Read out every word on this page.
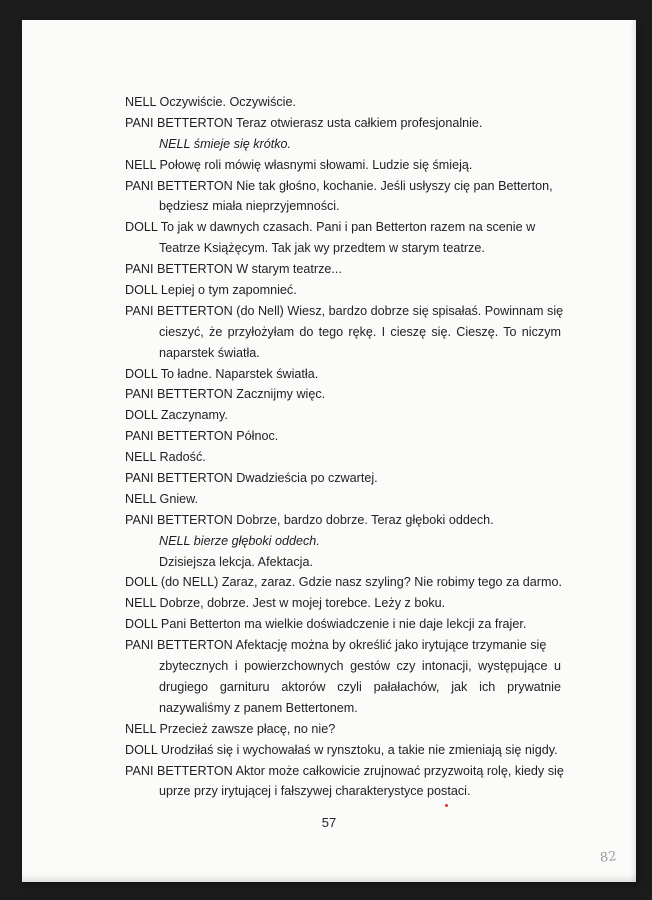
NELL Oczywiście. Oczywiście.
PANI BETTERTON Teraz otwierasz usta całkiem profesjonalnie.
NELL śmieje się krótko.
NELL Połowę roli mówię własnymi słowami. Ludzie się śmieją.
PANI BETTERTON Nie tak głośno, kochanie. Jeśli usłyszy cię pan Betterton,
będziesz miała nieprzyjemności.
DOLL To jak w dawnych czasach. Pani i pan Betterton razem na scenie w
Teatrze Książęcym. Tak jak wy przedtem w starym teatrze.
PANI BETTERTON W starym teatrze...
DOLL Lepiej o tym zapomnieć.
PANI BETTERTON (do Nell) Wiesz, bardzo dobrze się spisałaś. Powinnam się
cieszyć, że przyłożyłam do tego rękę. I cieszę się. Cieszę. To niczym
naparstek światła.
DOLL To ładne. Naparstek światła.
PANI BETTERTON Zacznijmy więc.
DOLL Zaczynamy.
PANI BETTERTON Północ.
NELL Radość.
PANI BETTERTON Dwadzieścia po czwartej.
NELL Gniew.
PANI BETTERTON Dobrze, bardzo dobrze. Teraz głęboki oddech.
NELL bierze głęboki oddech.
Dzisiejsza lekcja. Afektacja.
DOLL (do NELL) Zaraz, zaraz. Gdzie nasz szyling? Nie robimy tego za darmo.
NELL Dobrze, dobrze. Jest w mojej torebce. Leży z boku.
DOLL Pani Betterton ma wielkie doświadczenie i nie daje lekcji za frajer.
PANI BETTERTON Afektację można by określić jako irytujące trzymanie się
zbytecznych i powierzchownych gestów czy intonacji, występujące u
drugiego garnituru aktorów czyli pałałachów, jak ich prywatnie
nazywaliśmy z panem Bettertonem.
NELL Przecież zawsze płacę, no nie?
DOLL Urodziłaś się i wychowałaś w rynsztoku, a takie nie zmieniają się nigdy.
PANI BETTERTON Aktor może całkowicie zrujnować przyzwoitą rolę, kiedy się
uprze przy irytującej i fałszywej charakterystyce postaci.
57
82
